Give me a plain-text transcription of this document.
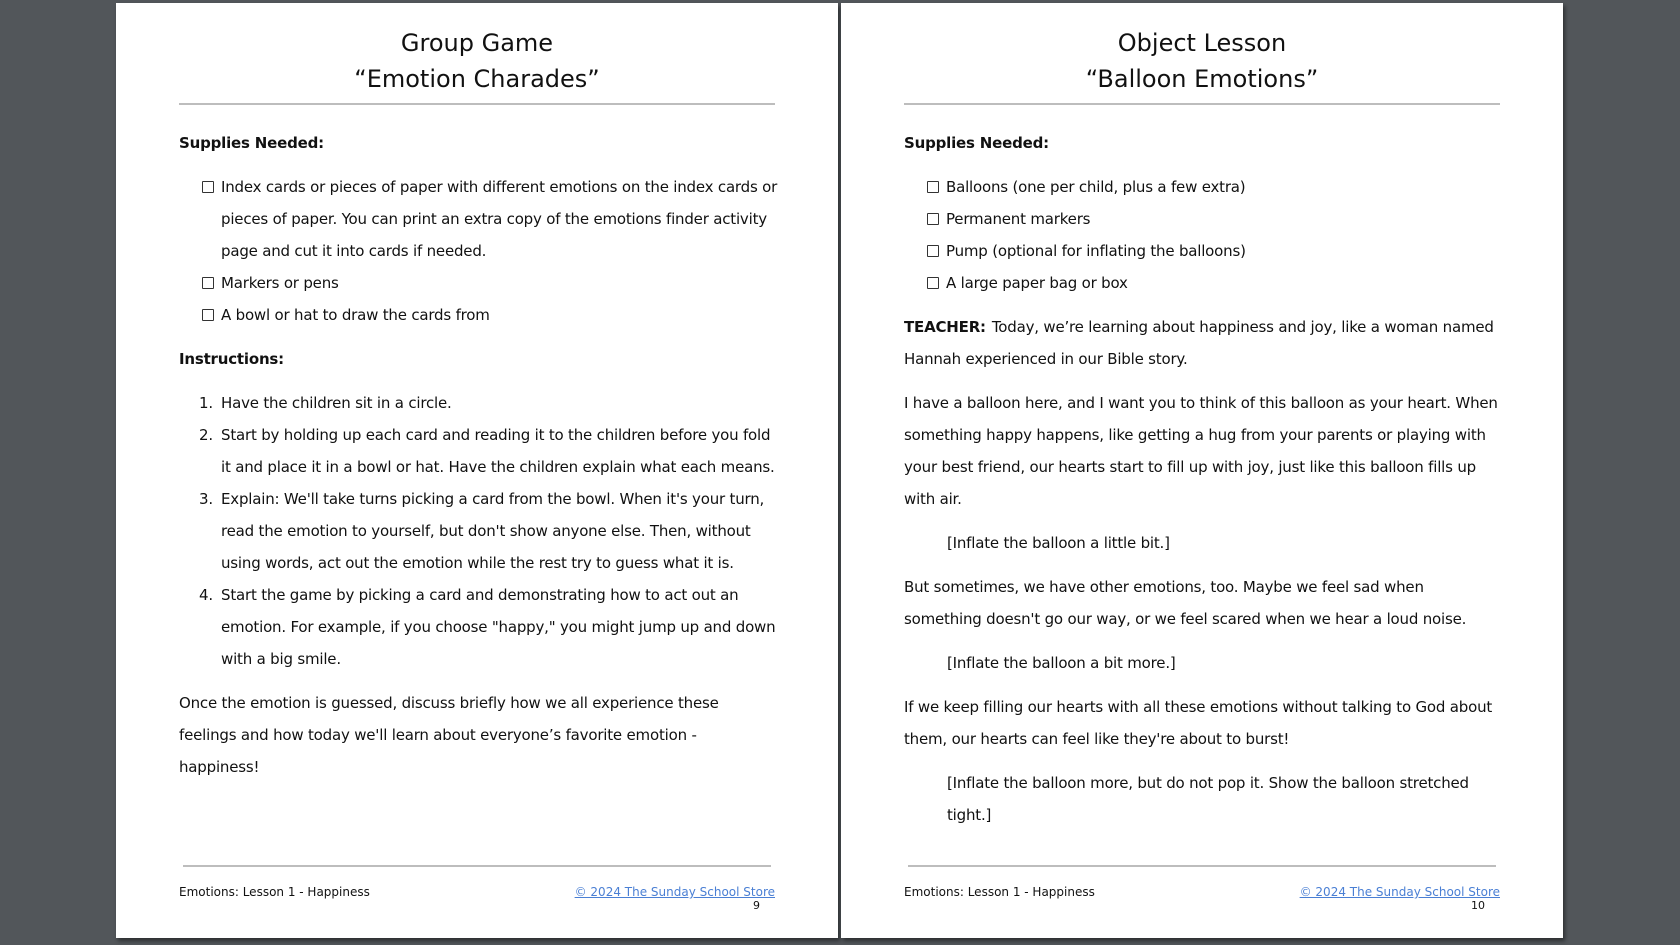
Group Game
“Emotion Charades”
Supplies Needed:
Index cards or pieces of paper with different emotions on the index cards or pieces of paper. You can print an extra copy of the emotions finder activity page and cut it into cards if needed.
Markers or pens
A bowl or hat to draw the cards from
Instructions:
1. Have the children sit in a circle.
2. Start by holding up each card and reading it to the children before you fold it and place it in a bowl or hat. Have the children explain what each means.
3. Explain: We'll take turns picking a card from the bowl. When it's your turn, read the emotion to yourself, but don't show anyone else. Then, without using words, act out the emotion while the rest try to guess what it is.
4. Start the game by picking a card and demonstrating how to act out an emotion. For example, if you choose "happy," you might jump up and down with a big smile.

Once the emotion is guessed, discuss briefly how we all experience these feelings and how today we'll learn about everyone’s favorite emotion - happiness!

Emotions: Lesson 1 - Happiness	© 2024 The Sunday School Store
9
Object Lesson
“Balloon Emotions”
Supplies Needed:
Balloons (one per child, plus a few extra)
Permanent markers
Pump (optional for inflating the balloons)
A large paper bag or box

TEACHER: Today, we’re learning about happiness and joy, like a woman named Hannah experienced in our Bible story.

I have a balloon here, and I want you to think of this balloon as your heart. When something happy happens, like getting a hug from your parents or playing with your best friend, our hearts start to fill up with joy, just like this balloon fills up with air.

[Inflate the balloon a little bit.]

But sometimes, we have other emotions, too. Maybe we feel sad when something doesn't go our way, or we feel scared when we hear a loud noise.

[Inflate the balloon a bit more.]

If we keep filling our hearts with all these emotions without talking to God about them, our hearts can feel like they're about to burst!

[Inflate the balloon more, but do not pop it. Show the balloon stretched tight.]

Emotions: Lesson 1 - Happiness	© 2024 The Sunday School Store
10
